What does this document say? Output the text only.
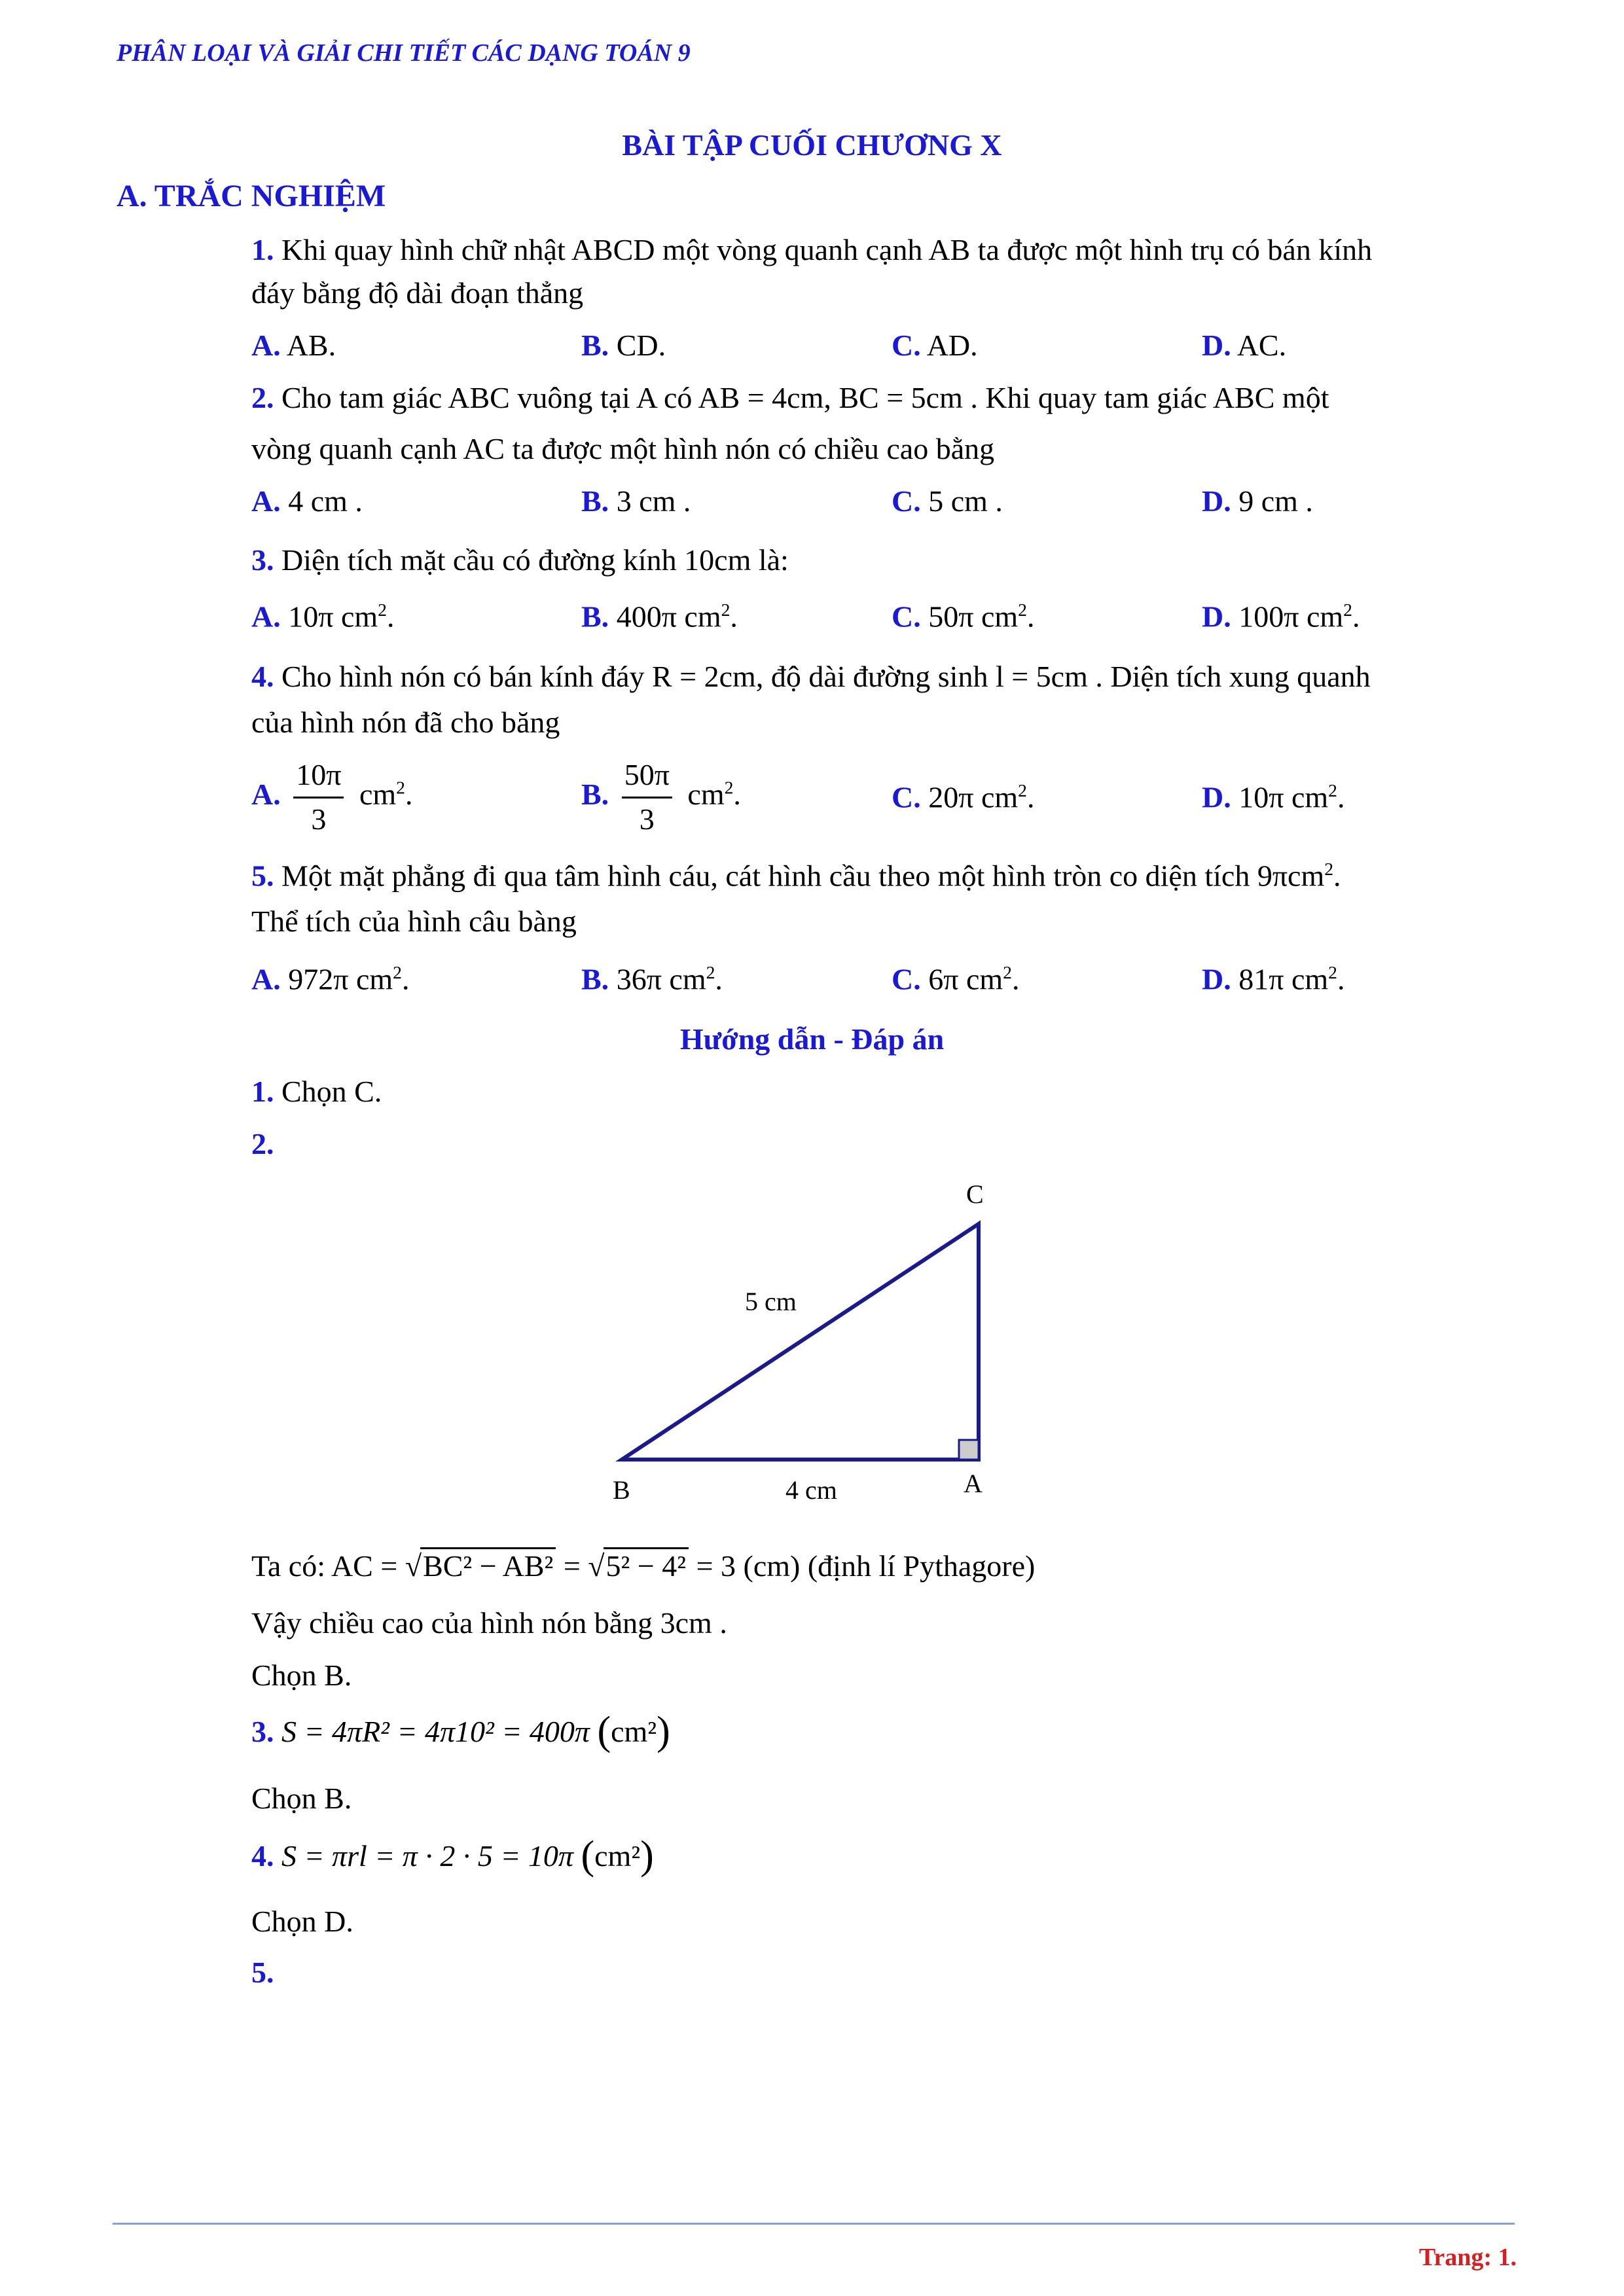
PHÂN LOẠI VÀ GIẢI CHI TIẾT CÁC DẠNG TOÁN 9
BÀI TẬP CUỐI CHƯƠNG X
A. TRẮC NGHIỆM
1. Khi quay hình chữ nhật ABCD một vòng quanh cạnh AB ta được một hình trụ có bán kính
đáy bằng độ dài đoạn thẳng
A. AB.	B. CD.	C. AD.	D. AC.
2. Cho tam giác ABC vuông tại A có AB = 4cm, BC = 5cm . Khi quay tam giác ABC một
vòng quanh cạnh AC ta được một hình nón có chiều cao bằng
A. 4 cm .	B. 3 cm .	C. 5 cm .	D. 9 cm .
3. Diện tích mặt cầu có đường kính 10cm là:
A. 10π $cm^2$.	B. 400π $cm^2$.	C. 50π $cm^2$.	D. 100π $cm^2$.
4. Cho hình nón có bán kính đáy R = 2cm, độ dài đường sinh l = 5cm . Diện tích xung quanh
của hình nón đã cho băng
A. $\frac{10\pi}{3} cm^2$.	B. $\frac{50\pi}{3} cm^2$.	C. 20π $cm^2$.	D. 10π $cm^2$.
5. Một mặt phẳng đi qua tâm hình cáu, cát hình cầu theo một hình tròn co diện tích 9πcm$^2$.
Thể tích của hình câu bàng
A. 972π $cm^2$.	B. 36π $cm^2$.	C. 6π $cm^2$.	D. 81π $cm^2$.
Hướng dẫn - Đáp án
1. Chọn C.
2.
C
B	A
5 cm
4 cm
Ta có: AC = √BC² − AB² = √5² − 4² = 3 (cm) (định lí Pythagore)
Vậy chiều cao của hình nón bằng 3cm .
Chọn B.
3. S = 4πR² = 4π10² = 400π (cm²)
Chọn B.
4. S = πrl = π · 2 · 5 = 10π (cm²)
Chọn D.
5.
Trang: 1.
